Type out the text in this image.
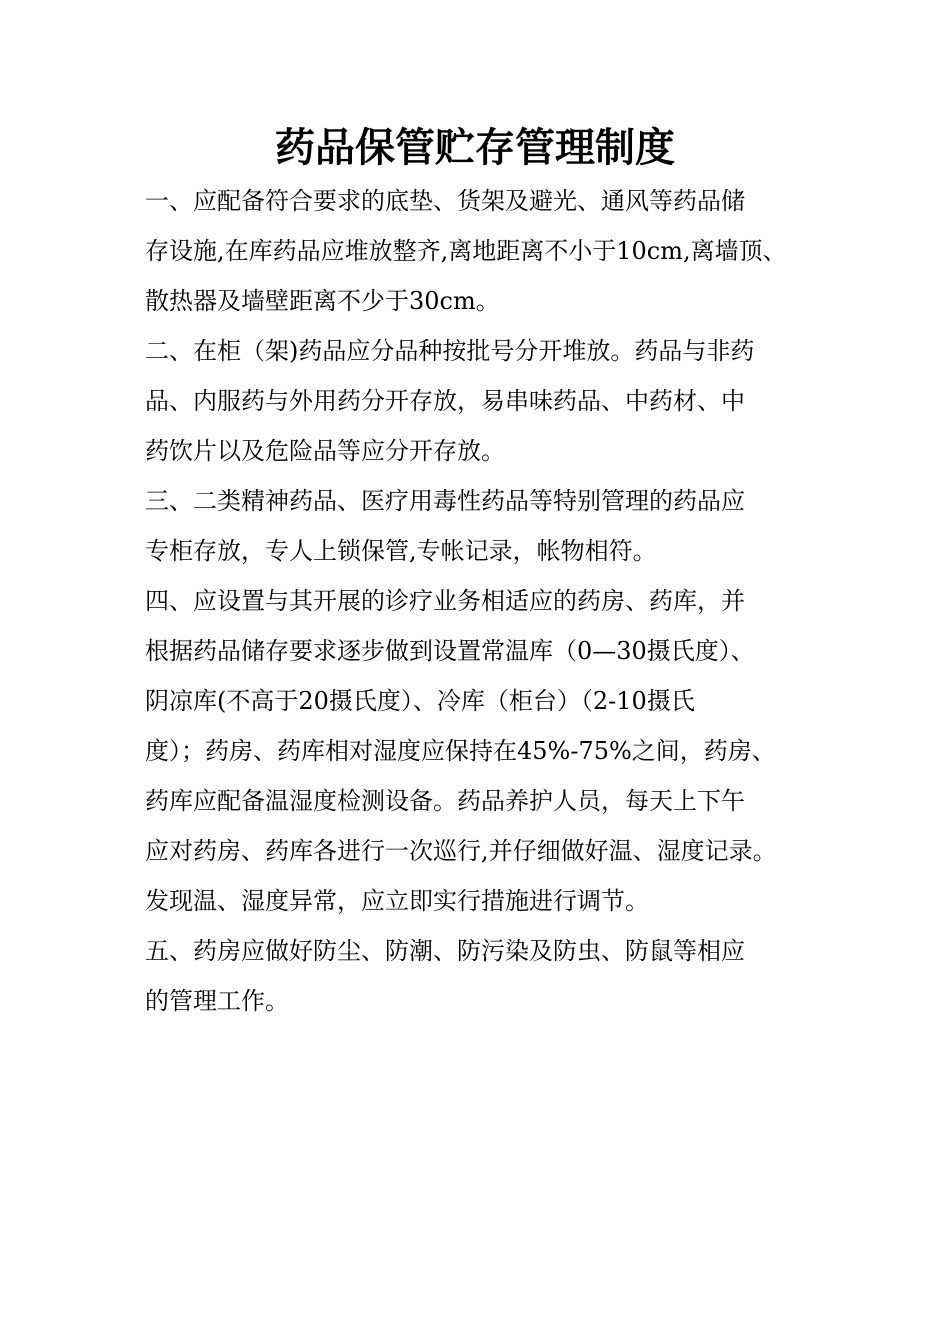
药品保管贮存管理制度
一、应配备符合要求的底垫、货架及避光、通风等药品储
存设施,在库药品应堆放整齐,离地距离不小于10cm,离墙顶、
散热器及墙壁距离不少于30cm。
二、在柜（架)药品应分品种按批号分开堆放。药品与非药
品、内服药与外用药分开存放，易串味药品、中药材、中
药饮片以及危险品等应分开存放。
三、二类精神药品、医疗用毒性药品等特别管理的药品应
专柜存放，专人上锁保管,专帐记录，帐物相符。
四、应设置与其开展的诊疗业务相适应的药房、药库，并
根据药品储存要求逐步做到设置常温库（0—30摄氏度）、
阴凉库(不高于20摄氏度）、冷库（柜台）（2-10摄氏
度）；药房、药库相对湿度应保持在45%-75%之间，药房、
药库应配备温湿度检测设备。药品养护人员，每天上下午
应对药房、药库各进行一次巡行,并仔细做好温、湿度记录。
发现温、湿度异常，应立即实行措施进行调节。
五、药房应做好防尘、防潮、防污染及防虫、防鼠等相应
的管理工作。
